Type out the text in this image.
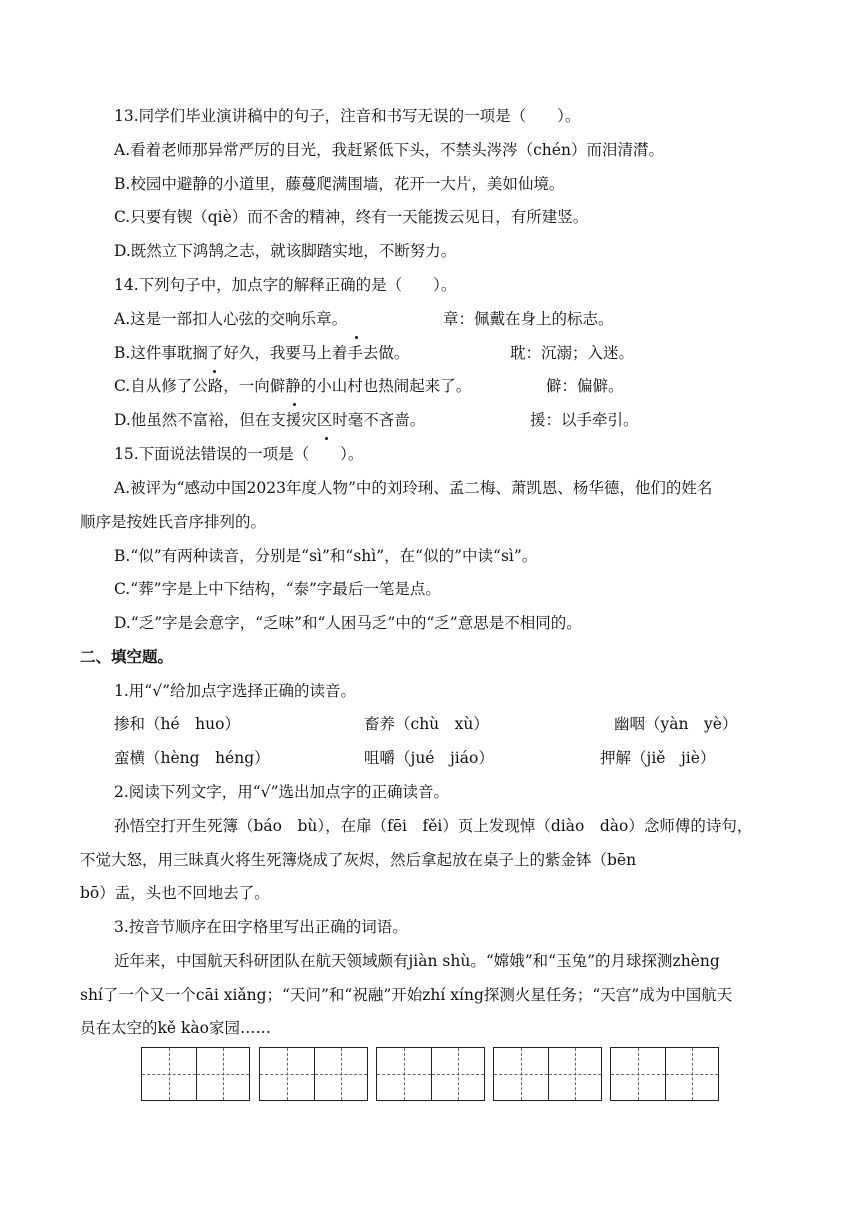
13.同学们毕业演讲稿中的句子，注音和书写无误的一项是（　　）。
A.看着老师那异常严厉的目光，我赶紧低下头，不禁头涔涔（chén）而泪清潸。
B.校园中避静的小道里，藤蔓爬满围墙，花开一大片，美如仙境。
C.只要有锲（qiè）而不舍的精神，终有一天能拨云见日，有所建竖。
D.既然立下鸿鹄之志，就该脚踏实地，不断努力。
14.下列句子中，加点字的解释正确的是（　　）。
A.这是一部扣人心弦的交响乐章。	章：佩戴在身上的标志。
B.这件事耽搁了好久，我要马上着手去做。	耽：沉溺；入迷。
C.自从修了公路，一向僻静的小山村也热闹起来了。	僻：偏僻。
D.他虽然不富裕，但在支援灾区时毫不吝啬。	援：以手牵引。
15.下面说法错误的一项是（　　）。
A.被评为“感动中国2023年度人物”中的刘玲琍、孟二梅、萧凯恩、杨华德，他们的姓名
顺序是按姓氏音序排列的。
B.“似”有两种读音，分别是“sì”和“shì”，在“似的”中读“sì”。
C.“葬”字是上中下结构，“泰”字最后一笔是点。
D.“乏”字是会意字，“乏味”和“人困马乏”中的“乏”意思是不相同的。
二、填空题。
1.用“√”给加点字选择正确的读音。
掺和（hé　huo）	畜养（chù　xù）	幽咽（yàn　yè）
蛮横（hèng　héng）	咀嚼（jué　jiáo）	押解（jiě　jiè）
2.阅读下列文字，用“√”选出加点字的正确读音。
孙悟空打开生死簿（báo　bù），在扉（fēi　fěi）页上发现悼（diào　dào）念师傅的诗句，
不觉大怒，用三昧真火将生死簿烧成了灰烬，然后拿起放在桌子上的紫金钵（bēn
bō）盂，头也不回地去了。
3.按音节顺序在田字格里写出正确的词语。
近年来，中国航天科研团队在航天领域颇有jiàn shù。“嫦娥”和“玉兔”的月球探测zhèng
shí了一个又一个cāi xiǎng；“天问”和“祝融”开始zhí xíng探测火星任务；“天宫”成为中国航天
员在太空的kě kào家园……
